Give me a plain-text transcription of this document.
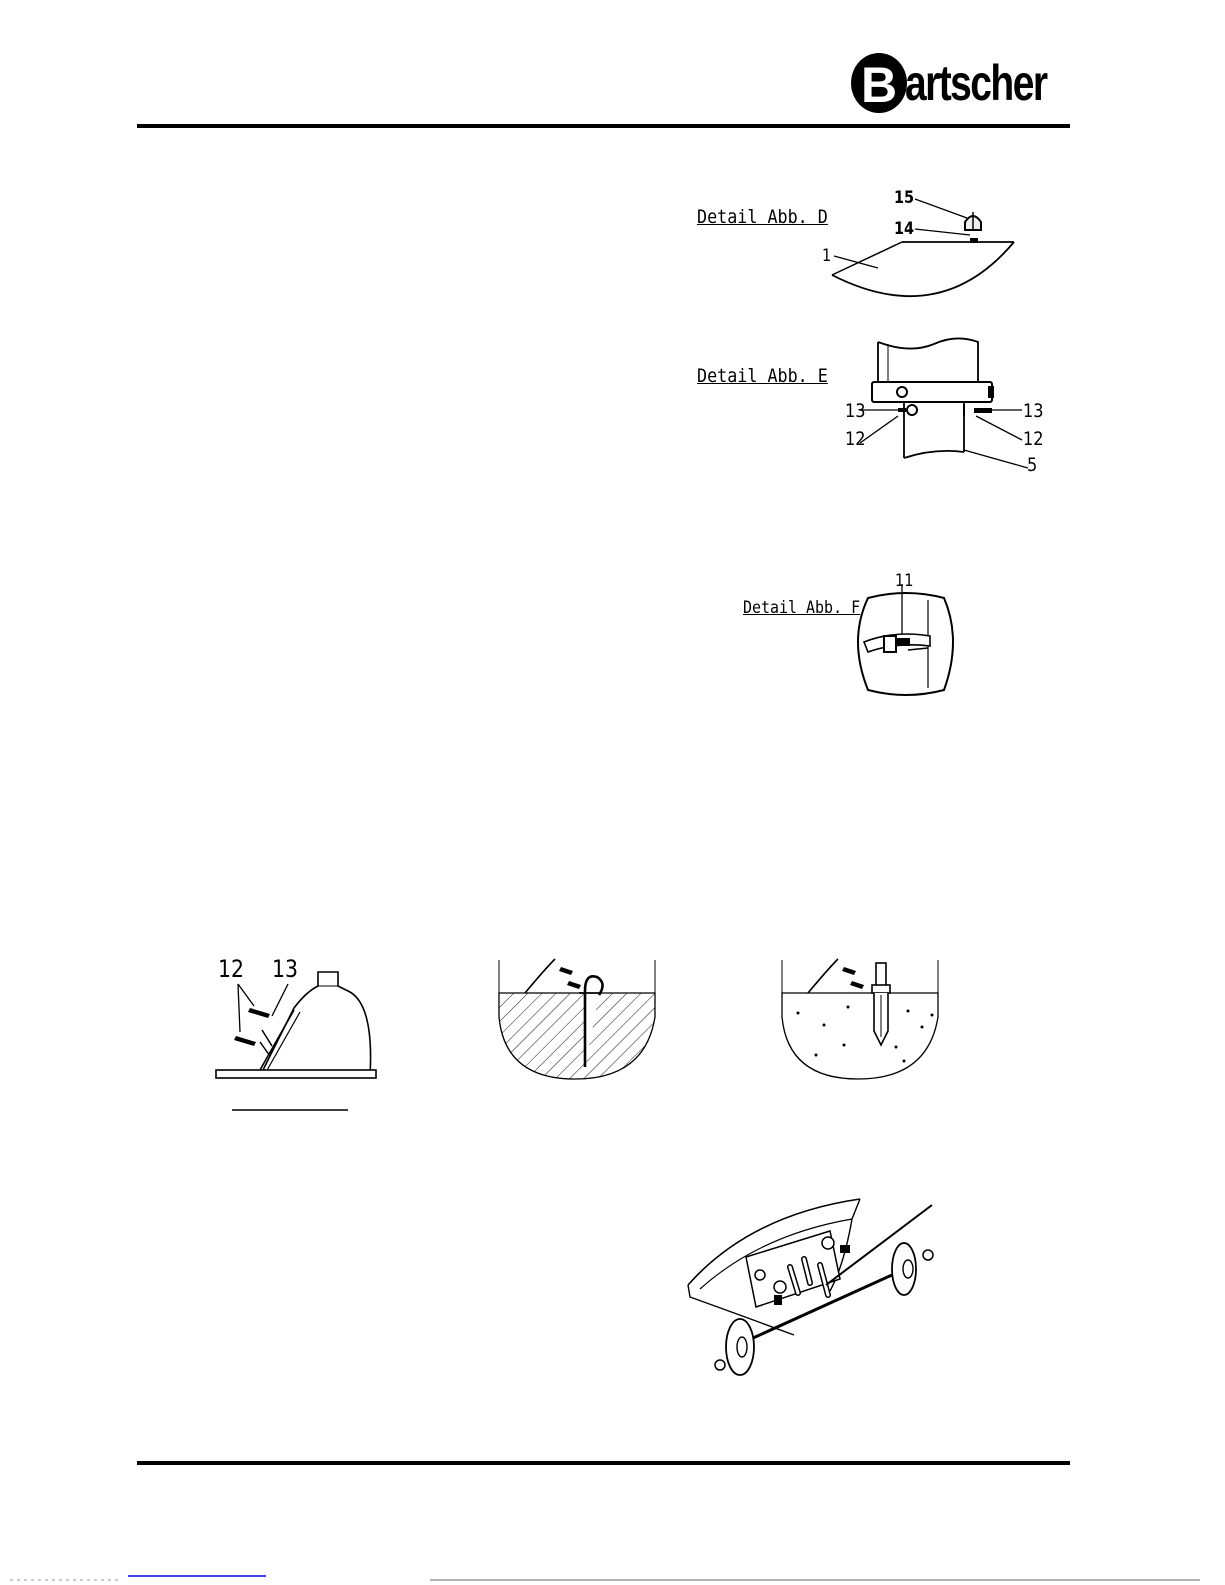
B artscher
Detail Abb. D
15
14
1
Detail Abb. E
13
12
13
12
5
Detail Abb. F
11
12 13
